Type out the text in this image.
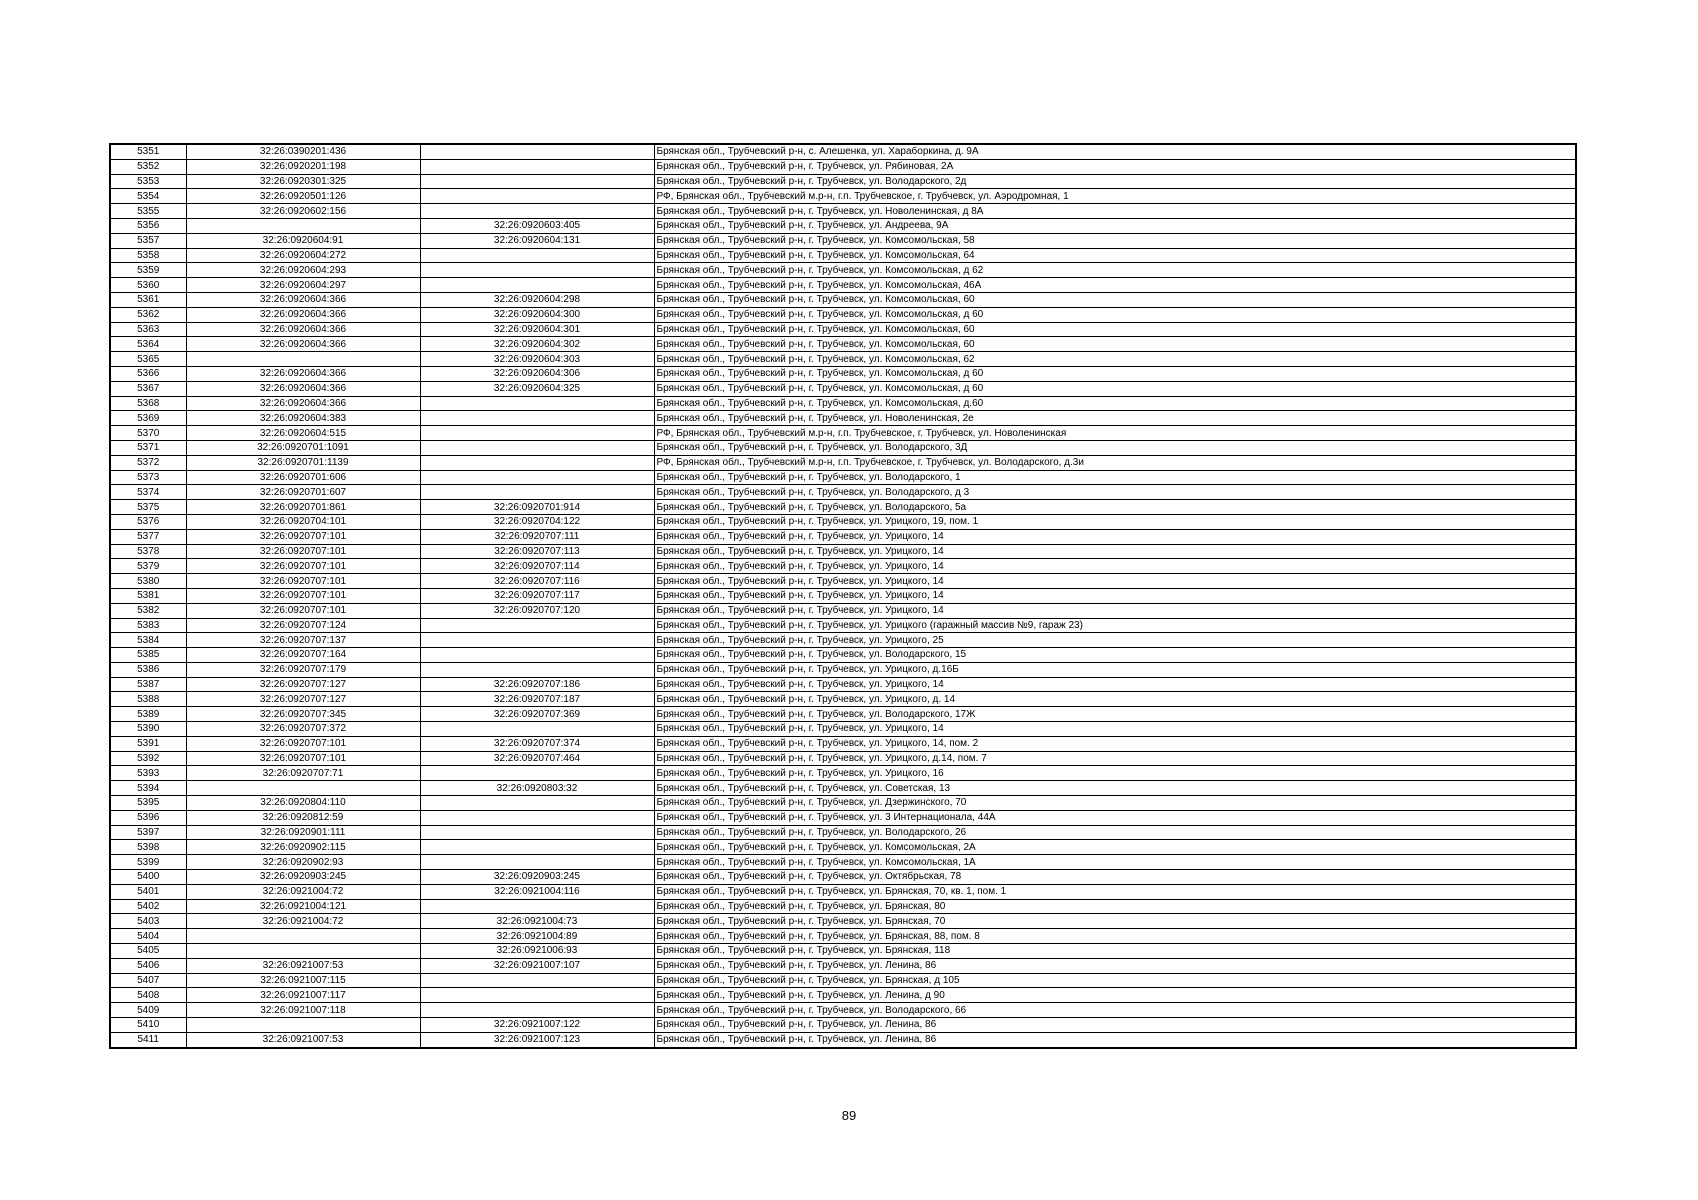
5351	32:26:0390201:436		Брянская обл., Трубчевский р-н, с. Алешенка, ул. Хараборкина, д. 9А
5352	32:26:0920201:198		Брянская обл., Трубчевский р-н, г. Трубчевск, ул. Рябиновая, 2А
5353	32:26:0920301:325		Брянская обл., Трубчевский р-н, г. Трубчевск, ул. Володарского, 2д
5354	32:26:0920501:126		РФ, Брянская обл., Трубчевский м.р-н, г.п. Трубчевское, г. Трубчевск, ул. Аэродромная, 1
5355	32:26:0920602:156		Брянская обл., Трубчевский р-н, г. Трубчевск, ул. Новоленинская, д 8А
5356		32:26:0920603:405	Брянская обл., Трубчевский р-н, г. Трубчевск, ул. Андреева, 9А
5357	32:26:0920604:91	32:26:0920604:131	Брянская обл., Трубчевский р-н, г. Трубчевск, ул. Комсомольская, 58
5358	32:26:0920604:272		Брянская обл., Трубчевский р-н, г. Трубчевск, ул. Комсомольская, 64
5359	32:26:0920604:293		Брянская обл., Трубчевский р-н, г. Трубчевск, ул. Комсомольская, д 62
5360	32:26:0920604:297		Брянская обл., Трубчевский р-н, г. Трубчевск, ул. Комсомольская, 46А
5361	32:26:0920604:366	32:26:0920604:298	Брянская обл., Трубчевский р-н, г. Трубчевск, ул. Комсомольская, 60
5362	32:26:0920604:366	32:26:0920604:300	Брянская обл., Трубчевский р-н, г. Трубчевск, ул. Комсомольская, д 60
5363	32:26:0920604:366	32:26:0920604:301	Брянская обл., Трубчевский р-н, г. Трубчевск, ул. Комсомольская, 60
5364	32:26:0920604:366	32:26:0920604:302	Брянская обл., Трубчевский р-н, г. Трубчевск, ул. Комсомольская, 60
5365		32:26:0920604:303	Брянская обл., Трубчевский р-н, г. Трубчевск, ул. Комсомольская, 62
5366	32:26:0920604:366	32:26:0920604:306	Брянская обл., Трубчевский р-н, г. Трубчевск, ул. Комсомольская, д 60
5367	32:26:0920604:366	32:26:0920604:325	Брянская обл., Трубчевский р-н, г. Трубчевск, ул. Комсомольская, д 60
5368	32:26:0920604:366		Брянская обл., Трубчевский р-н, г. Трубчевск, ул. Комсомольская, д.60
5369	32:26:0920604:383		Брянская обл., Трубчевский р-н, г. Трубчевск, ул. Новоленинская, 2е
5370	32:26:0920604:515		РФ, Брянская обл., Трубчевский м.р-н, г.п. Трубчевское, г. Трубчевск, ул. Новоленинская
5371	32:26:0920701:1091		Брянская обл., Трубчевский р-н, г. Трубчевск, ул. Володарского, 3Д
5372	32:26:0920701:1139		РФ, Брянская обл., Трубчевский м.р-н, г.п. Трубчевское, г. Трубчевск, ул. Володарского, д.3и
5373	32:26:0920701:606		Брянская обл., Трубчевский р-н, г. Трубчевск, ул. Володарского, 1
5374	32:26:0920701:607		Брянская обл., Трубчевский р-н, г. Трубчевск, ул. Володарского, д 3
5375	32:26:0920701:861	32:26:0920701:914	Брянская обл., Трубчевский р-н, г. Трубчевск, ул. Володарского, 5а
5376	32:26:0920704:101	32:26:0920704:122	Брянская обл., Трубчевский р-н, г. Трубчевск, ул. Урицкого, 19, пом. 1
5377	32:26:0920707:101	32:26:0920707:111	Брянская обл., Трубчевский р-н, г. Трубчевск, ул. Урицкого, 14
5378	32:26:0920707:101	32:26:0920707:113	Брянская обл., Трубчевский р-н, г. Трубчевск, ул. Урицкого, 14
5379	32:26:0920707:101	32:26:0920707:114	Брянская обл., Трубчевский р-н, г. Трубчевск, ул. Урицкого, 14
5380	32:26:0920707:101	32:26:0920707:116	Брянская обл., Трубчевский р-н, г. Трубчевск, ул. Урицкого, 14
5381	32:26:0920707:101	32:26:0920707:117	Брянская обл., Трубчевский р-н, г. Трубчевск, ул. Урицкого, 14
5382	32:26:0920707:101	32:26:0920707:120	Брянская обл., Трубчевский р-н, г. Трубчевск, ул. Урицкого, 14
5383	32:26:0920707:124		Брянская обл., Трубчевский р-н, г. Трубчевск, ул. Урицкого (гаражный массив №9, гараж 23)
5384	32:26:0920707:137		Брянская обл., Трубчевский р-н, г. Трубчевск, ул. Урицкого, 25
5385	32:26:0920707:164		Брянская обл., Трубчевский р-н, г. Трубчевск, ул. Володарского, 15
5386	32:26:0920707:179		Брянская обл., Трубчевский р-н, г. Трубчевск, ул. Урицкого, д.16Б
5387	32:26:0920707:127	32:26:0920707:186	Брянская обл., Трубчевский р-н, г. Трубчевск, ул. Урицкого, 14
5388	32:26:0920707:127	32:26:0920707:187	Брянская обл., Трубчевский р-н, г. Трубчевск, ул. Урицкого, д. 14
5389	32:26:0920707:345	32:26:0920707:369	Брянская обл., Трубчевский р-н, г. Трубчевск, ул. Володарского, 17Ж
5390	32:26:0920707:372		Брянская обл., Трубчевский р-н, г. Трубчевск, ул. Урицкого, 14
5391	32:26:0920707:101	32:26:0920707:374	Брянская обл., Трубчевский р-н, г. Трубчевск, ул. Урицкого, 14, пом. 2
5392	32:26:0920707:101	32:26:0920707:464	Брянская обл., Трубчевский р-н, г. Трубчевск, ул. Урицкого, д.14, пом. 7
5393	32:26:0920707:71		Брянская обл., Трубчевский р-н, г. Трубчевск, ул. Урицкого, 16
5394		32:26:0920803:32	Брянская обл., Трубчевский р-н, г. Трубчевск, ул. Советская, 13
5395	32:26:0920804:110		Брянская обл., Трубчевский р-н, г. Трубчевск, ул. Дзержинского, 70
5396	32:26:0920812:59		Брянская обл., Трубчевский р-н, г. Трубчевск, ул. 3 Интернационала, 44А
5397	32:26:0920901:111		Брянская обл., Трубчевский р-н, г. Трубчевск, ул. Володарского, 26
5398	32:26:0920902:115		Брянская обл., Трубчевский р-н, г. Трубчевск, ул. Комсомольская, 2А
5399	32:26:0920902:93		Брянская обл., Трубчевский р-н, г. Трубчевск, ул. Комсомольская, 1А
5400	32:26:0920903:245	32:26:0920903:245	Брянская обл., Трубчевский р-н, г. Трубчевск, ул. Октябрьская, 78
5401	32:26:0921004:72	32:26:0921004:116	Брянская обл., Трубчевский р-н, г. Трубчевск, ул. Брянская, 70, кв. 1, пом. 1
5402	32:26:0921004:121		Брянская обл., Трубчевский р-н, г. Трубчевск, ул. Брянская, 80
5403	32:26:0921004:72	32:26:0921004:73	Брянская обл., Трубчевский р-н, г. Трубчевск, ул. Брянская, 70
5404		32:26:0921004:89	Брянская обл., Трубчевский р-н, г. Трубчевск, ул. Брянская, 88, пом. 8
5405		32:26:0921006:93	Брянская обл., Трубчевский р-н, г. Трубчевск, ул. Брянская, 118
5406	32:26:0921007:53	32:26:0921007:107	Брянская обл., Трубчевский р-н, г. Трубчевск, ул. Ленина, 86
5407	32:26:0921007:115		Брянская обл., Трубчевский р-н, г. Трубчевск, ул. Брянская, д 105
5408	32:26:0921007:117		Брянская обл., Трубчевский р-н, г. Трубчевск, ул. Ленина, д 90
5409	32:26:0921007:118		Брянская обл., Трубчевский р-н, г. Трубчевск, ул. Володарского, 66
5410		32:26:0921007:122	Брянская обл., Трубчевский р-н, г. Трубчевск, ул. Ленина, 86
5411	32:26:0921007:53	32:26:0921007:123	Брянская обл., Трубчевский р-н, г. Трубчевск, ул. Ленина, 86
89
